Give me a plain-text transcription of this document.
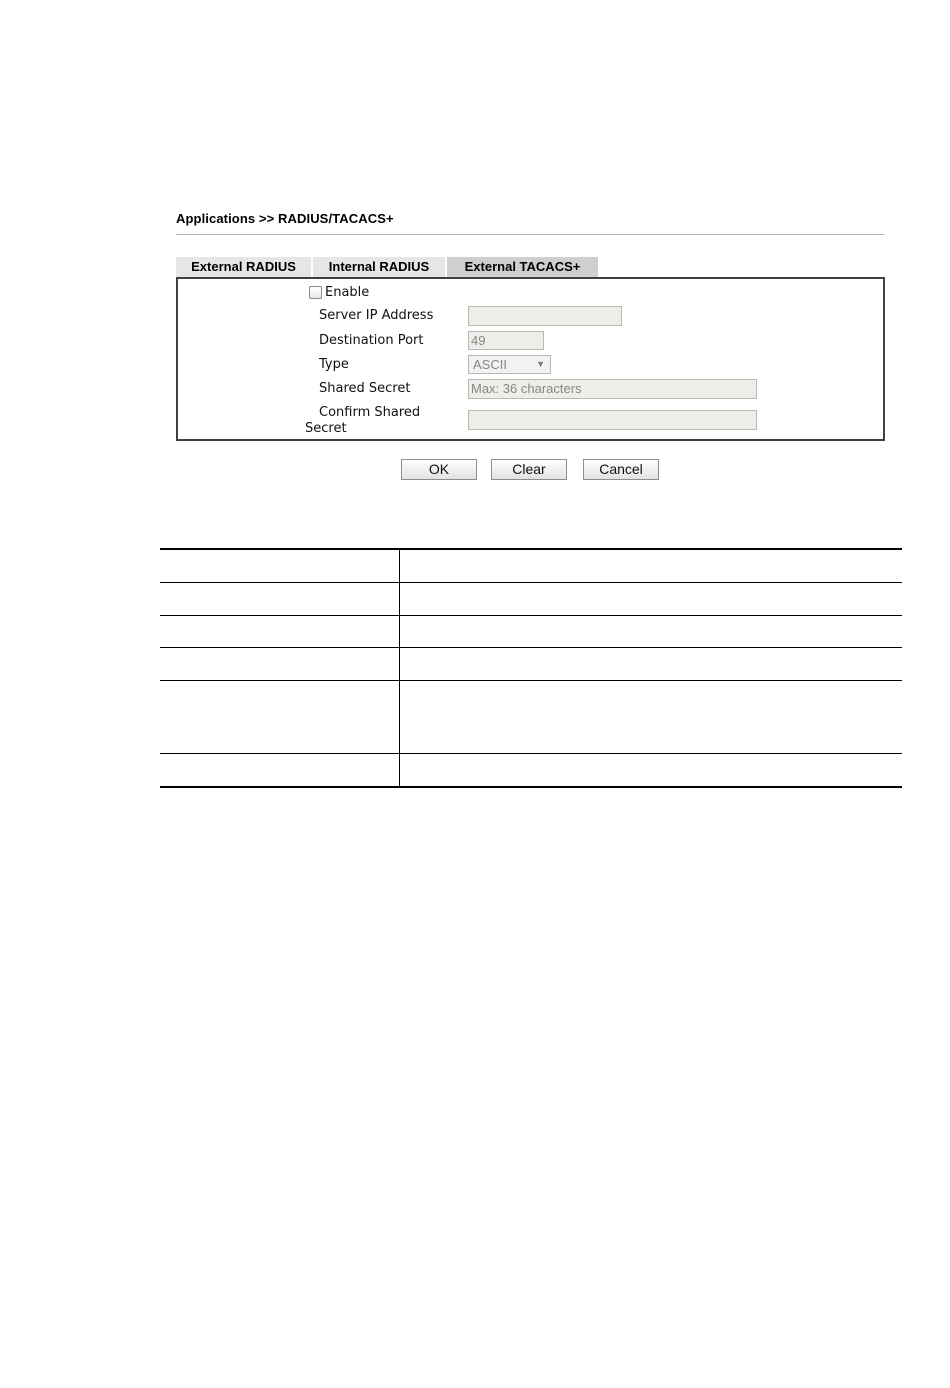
Applications >> RADIUS/TACACS+
External RADIUS	Internal RADIUS	External TACACS+
Enable
Server IP Address
Destination Port	49
Type	ASCII	▼
Shared Secret	Max: 36 characters
Confirm Shared
Secret
OK	Clear	Cancel
